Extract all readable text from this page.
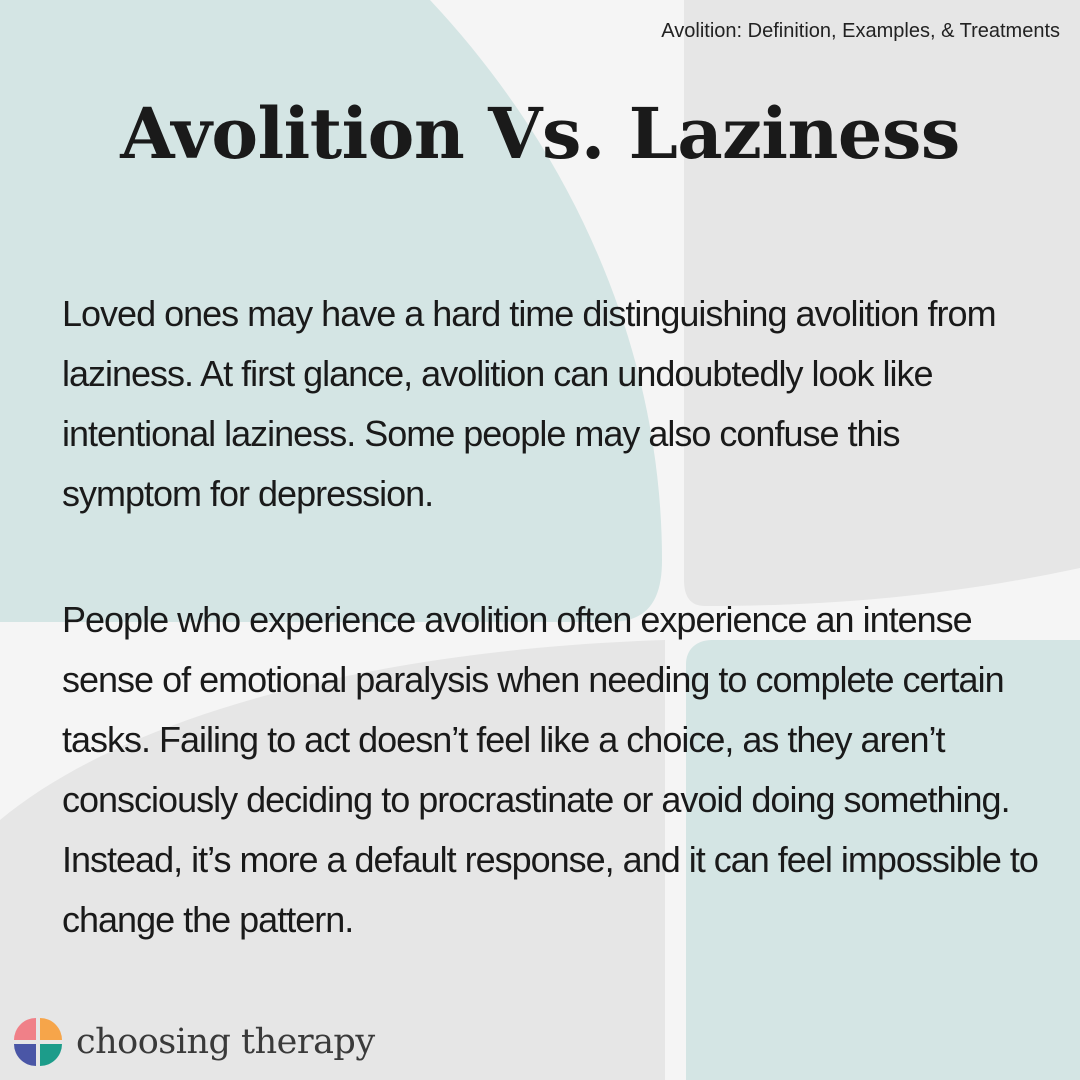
Avolition: Definition, Examples, & Treatments

Avolition Vs. Laziness

Loved ones may have a hard time distinguishing avolition from laziness. At first glance, avolition can undoubtedly look like intentional laziness. Some people may also confuse this symptom for depression.

People who experience avolition often experience an intense sense of emotional paralysis when needing to complete certain tasks. Failing to act doesn’t feel like a choice, as they aren’t consciously deciding to procrastinate or avoid doing something. Instead, it’s more a default response, and it can feel impossible to change the pattern.

choosing therapy
